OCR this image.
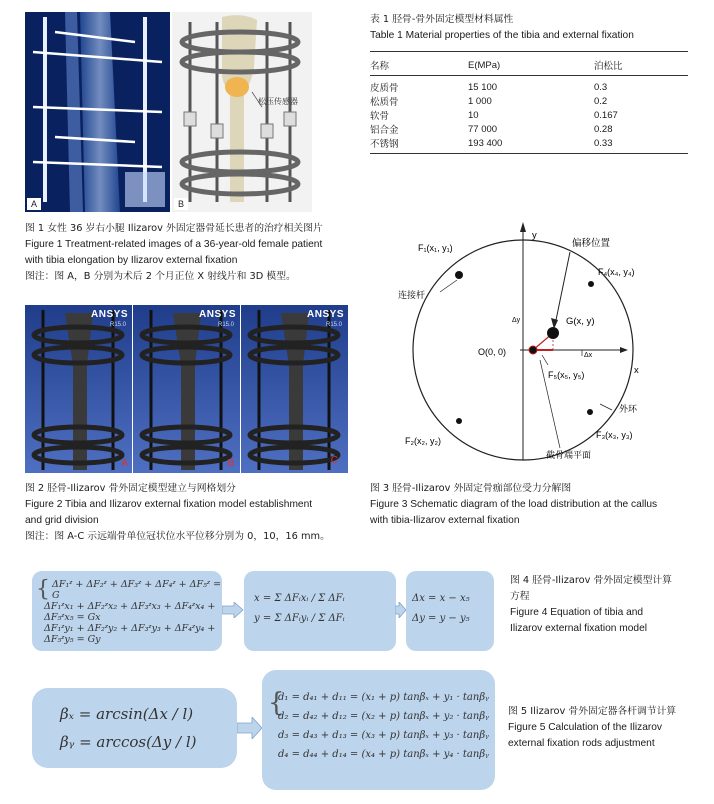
A
松压传感器
B
图 1 女性 36 岁右小腿 Ilizarov 外固定器骨延长患者的治疗相关图片
Figure 1 Treatment-related images of a 36-year-old female patient
with tibia elongation by Ilizarov external fixation
图注：图 A，B 分别为术后 2 个月正位 X 射线片和 3D 模型。
表 1 胫骨-骨外固定模型材料属性
Table 1 Material properties of the tibia and external fixation
名称	E(MPa)	泊松比
皮质骨	15 100	0.3
松质骨	1 000	0.2
软骨	10	0.167
铝合金	77 000	0.28
不锈钢	193 400	0.33
ANSYS
R15.0
A
ANSYS
R15.0
B
ANSYS
R15.0
C
图 2 胫骨-Ilizarov 骨外固定模型建立与网格划分
Figure 2 Tibia and Ilizarov external fixation model establishment
and grid division
图注：图 A-C 示远端骨单位冠状位水平位移分别为 0，10，16 mm。
y
x
偏移位置
F₁(x₁, y₁)
F₄(x₄, y₄)
连接杆
G(x, y)
O(0, 0)
Δy
Δx
F₅(x₅, y₅)
外环
F₂(x₂, y₂)
F₃(x₃, y₃)
截骨端平面
图 3 胫骨-Ilizarov 外固定骨痂部位受力分解图
Figure 3 Schematic diagram of the load distribution at the callus
with tibia-Ilizarov external fixation
{ ΔF₁ᶻ + ΔF₂ᶻ + ΔF₃ᶻ + ΔF₄ᶻ + ΔF₅ᶻ = G
ΔF₁ᶻx₁ + ΔF₂ᶻx₂ + ΔF₃ᶻx₃ + ΔF₄ᶻx₄ + ΔF₅ᶻx₅ = Gx
ΔF₁ᶻy₁ + ΔF₂ᶻy₂ + ΔF₃ᶻy₃ + ΔF₄ᶻy₄ + ΔF₅ᶻy₅ = Gy
x = Σ ΔFᵢxᵢ / Σ ΔFᵢ
y = Σ ΔFᵢyᵢ / Σ ΔFᵢ
Δx = x − x₅
Δy = y − y₅
图 4 胫骨-Ilizarov 骨外固定模型计算
方程
Figure 4 Equation of tibia and
Ilizarov external fixation model
βₓ = arcsin(Δx / l)
βᵧ = arccos(Δy / l)
{
d₁ = d₄₁ + d₁₁ = (x₁ + p) tanβₓ + y₁ · tanβᵧ
d₂ = d₄₂ + d₁₂ = (x₂ + p) tanβₓ + y₂ · tanβᵧ
d₃ = d₄₃ + d₁₃ = (x₃ + p) tanβₓ + y₃ · tanβᵧ
d₄ = d₄₄ + d₁₄ = (x₄ + p) tanβₓ + y₄ · tanβᵧ
图 5 Ilizarov 骨外固定器各杆调节计算
Figure 5 Calculation of the Ilizarov
external fixation rods adjustment
